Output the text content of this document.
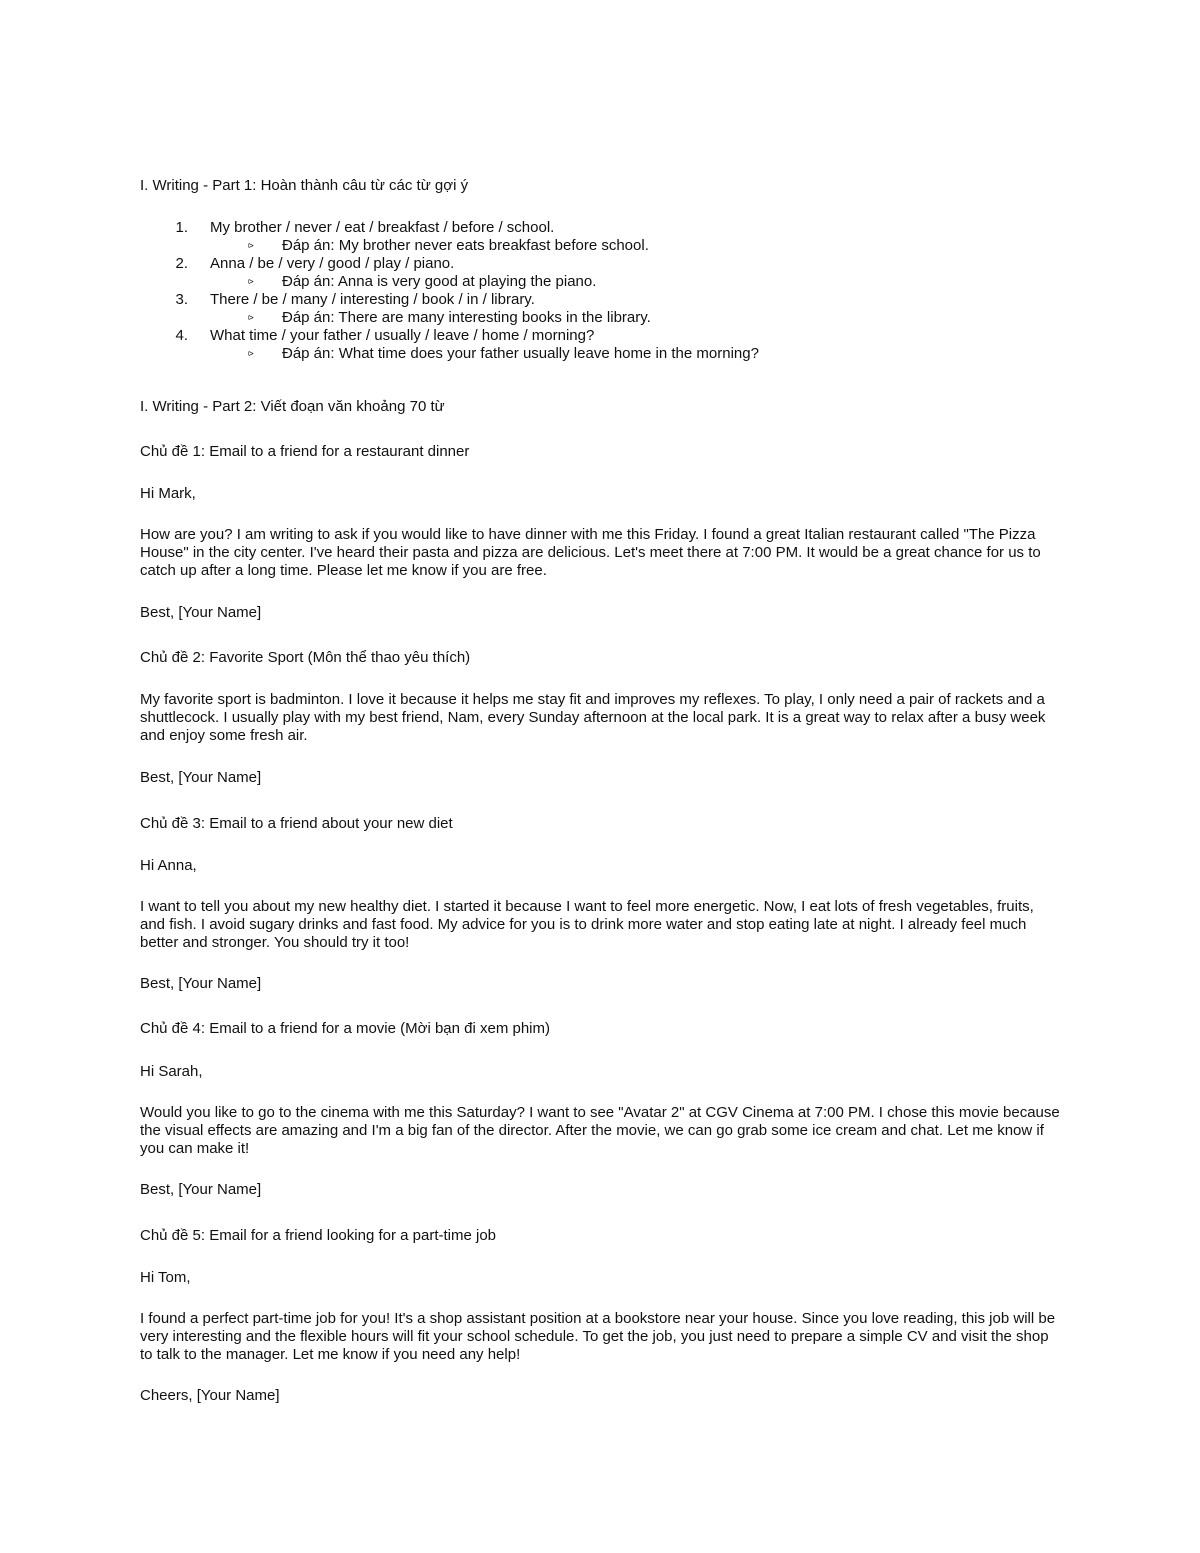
I. Writing - Part 1: Hoàn thành câu từ các từ gợi ý
1. My brother / never / eat / breakfast / before / school.
⪧ Đáp án: My brother never eats breakfast before school.
2. Anna / be / very / good / play / piano.
⪧ Đáp án: Anna is very good at playing the piano.
3. There / be / many / interesting / book / in / library.
⪧ Đáp án: There are many interesting books in the library.
4. What time / your father / usually / leave / home / morning?
⪧ Đáp án: What time does your father usually leave home in the morning?
I. Writing - Part 2: Viết đoạn văn khoảng 70 từ
Chủ đề 1: Email to a friend for a restaurant dinner
Hi Mark,
How are you? I am writing to ask if you would like to have dinner with me this Friday. I found a great Italian restaurant called "The Pizza House" in the city center. I've heard their pasta and pizza are delicious. Let's meet there at 7:00 PM. It would be a great chance for us to catch up after a long time. Please let me know if you are free.
Best, [Your Name]
Chủ đề 2: Favorite Sport (Môn thể thao yêu thích)
My favorite sport is badminton. I love it because it helps me stay fit and improves my reflexes. To play, I only need a pair of rackets and a shuttlecock. I usually play with my best friend, Nam, every Sunday afternoon at the local park. It is a great way to relax after a busy week and enjoy some fresh air.
Best, [Your Name]
Chủ đề 3: Email to a friend about your new diet
Hi Anna,
I want to tell you about my new healthy diet. I started it because I want to feel more energetic. Now, I eat lots of fresh vegetables, fruits, and fish. I avoid sugary drinks and fast food. My advice for you is to drink more water and stop eating late at night. I already feel much better and stronger. You should try it too!
Best, [Your Name]
Chủ đề 4: Email to a friend for a movie (Mời bạn đi xem phim)
Hi Sarah,
Would you like to go to the cinema with me this Saturday? I want to see "Avatar 2" at CGV Cinema at 7:00 PM. I chose this movie because the visual effects are amazing and I'm a big fan of the director. After the movie, we can go grab some ice cream and chat. Let me know if you can make it!
Best, [Your Name]
Chủ đề 5: Email for a friend looking for a part-time job
Hi Tom,
I found a perfect part-time job for you! It's a shop assistant position at a bookstore near your house. Since you love reading, this job will be very interesting and the flexible hours will fit your school schedule. To get the job, you just need to prepare a simple CV and visit the shop to talk to the manager. Let me know if you need any help!
Cheers, [Your Name]
